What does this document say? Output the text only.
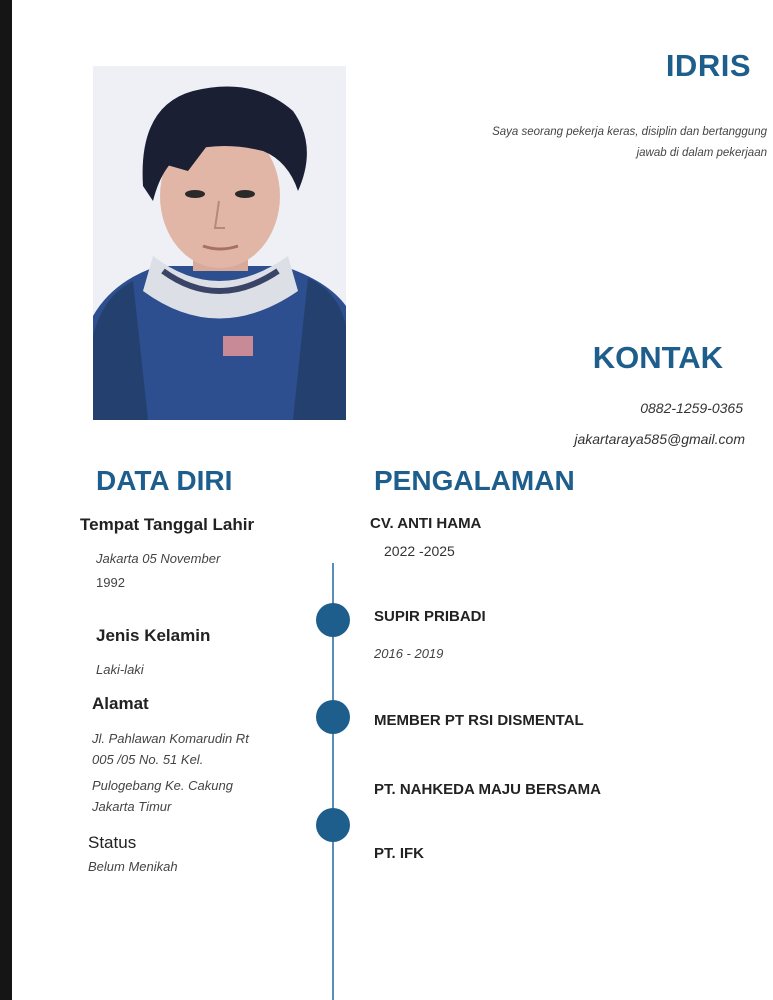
IDRIS
Saya seorang pekerja keras, disiplin dan bertanggung
jawab di dalam pekerjaan
KONTAK
0882-1259-0365
jakartaraya585@gmail.com
DATA DIRI	PENGALAMAN
Tempat Tanggal Lahir
Jakarta 05 November
1992
Jenis Kelamin
Laki-laki
Alamat
Jl. Pahlawan Komarudin Rt
005 /05 No. 51 Kel.
Pulogebang Ke. Cakung
Jakarta Timur
Status
Belum Menikah
CV. ANTI HAMA
2022 -2025
SUPIR PRIBADI
2016 - 2019
MEMBER PT RSI DISMENTAL
PT. NAHKEDA MAJU BERSAMA
PT. IFK
